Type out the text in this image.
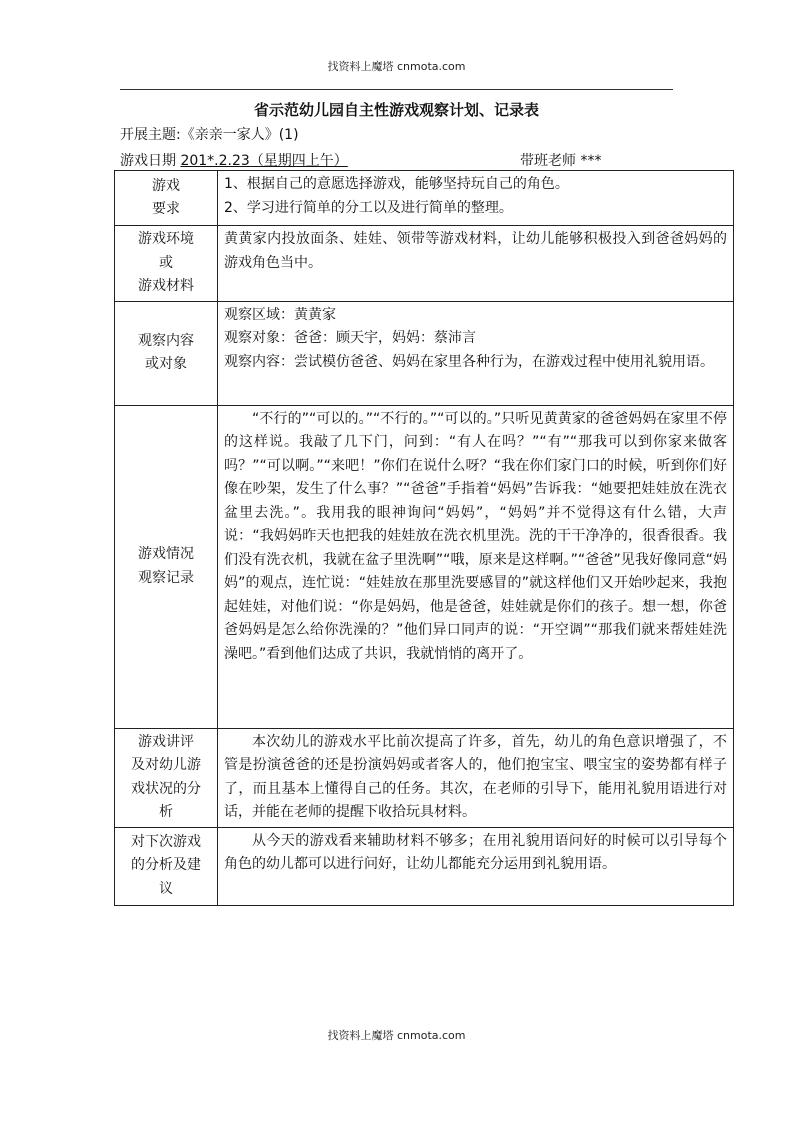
找资料上魔塔 cnmota.com
省示范幼儿园自主性游戏观察计划、记录表
开展主题:《亲亲一家人》(1)
游戏日期 201*.2.23（星期四上午）	带班老师 ***
游戏
要求	1、根据自己的意愿选择游戏，能够坚持玩自己的角色。
2、学习进行简单的分工以及进行简单的整理。

游戏环境
或
游戏材料	黄黄家内投放面条、娃娃、领带等游戏材料，让幼儿能够积极投入到爸爸妈妈的游戏角色当中。

观察内容
或对象	观察区域：黄黄家
观察对象：爸爸：顾天宇，妈妈：蔡沛言
观察内容：尝试模仿爸爸、妈妈在家里各种行为，在游戏过程中使用礼貌用语。

游戏情况
观察记录	“不行的”“可以的。”“不行的。”“可以的。”只听见黄黄家的爸爸妈妈在家里不停的这样说。我敲了几下门，问到：“有人在吗？”“有”“那我可以到你家来做客吗？”“可以啊。”“来吧！”你们在说什么呀？“我在你们家门口的时候，听到你们好像在吵架，发生了什么事？”“爸爸”手指着“妈妈”告诉我：“她要把娃娃放在洗衣盆里去洗。”。我用我的眼神询问“妈妈”，“妈妈”并不觉得这有什么错，大声说：“我妈妈昨天也把我的娃娃放在洗衣机里洗。洗的干干净净的，很香很香。我们没有洗衣机，我就在盆子里洗啊”“哦，原来是这样啊。”“爸爸”见我好像同意“妈妈”的观点，连忙说：“娃娃放在那里洗要感冒的”就这样他们又开始吵起来，我抱起娃娃，对他们说：“你是妈妈，他是爸爸，娃娃就是你们的孩子。想一想，你爸爸妈妈是怎么给你洗澡的？”他们异口同声的说：“开空调”“那我们就来帮娃娃洗澡吧。”看到他们达成了共识，我就悄悄的离开了。

游戏讲评
及对幼儿游
戏状况的分
析	本次幼儿的游戏水平比前次提高了许多，首先，幼儿的角色意识增强了，不管是扮演爸爸的还是扮演妈妈或者客人的，他们抱宝宝、喂宝宝的姿势都有样子了，而且基本上懂得自己的任务。其次，在老师的引导下，能用礼貌用语进行对话，并能在老师的提醒下收拾玩具材料。

对下次游戏
的分析及建
议	从今天的游戏看来辅助材料不够多；在用礼貌用语问好的时候可以引导每个角色的幼儿都可以进行问好，让幼儿都能充分运用到礼貌用语。
找资料上魔塔 cnmota.com
